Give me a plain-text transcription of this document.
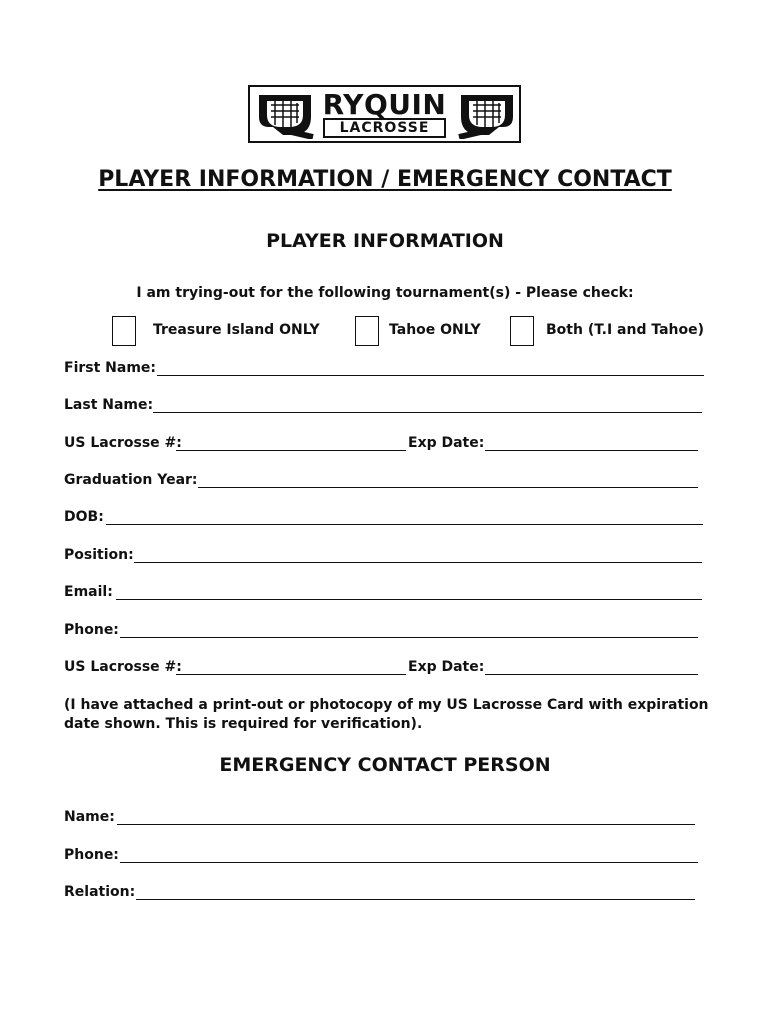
RYQUIN
LACROSSE
PLAYER INFORMATION / EMERGENCY CONTACT
PLAYER INFORMATION
I am trying-out for the following tournament(s) - Please check:
Treasure Island ONLY	Tahoe ONLY	Both (T.I and Tahoe)
First Name:
Last Name:
US Lacrosse #:	Exp Date:
Graduation Year:
DOB:
Position:
Email:
Phone:
US Lacrosse #:	Exp Date:
(I have attached a print-out or photocopy of my US Lacrosse Card with expiration date shown. This is required for verification).
EMERGENCY CONTACT PERSON
Name:
Phone:
Relation:
